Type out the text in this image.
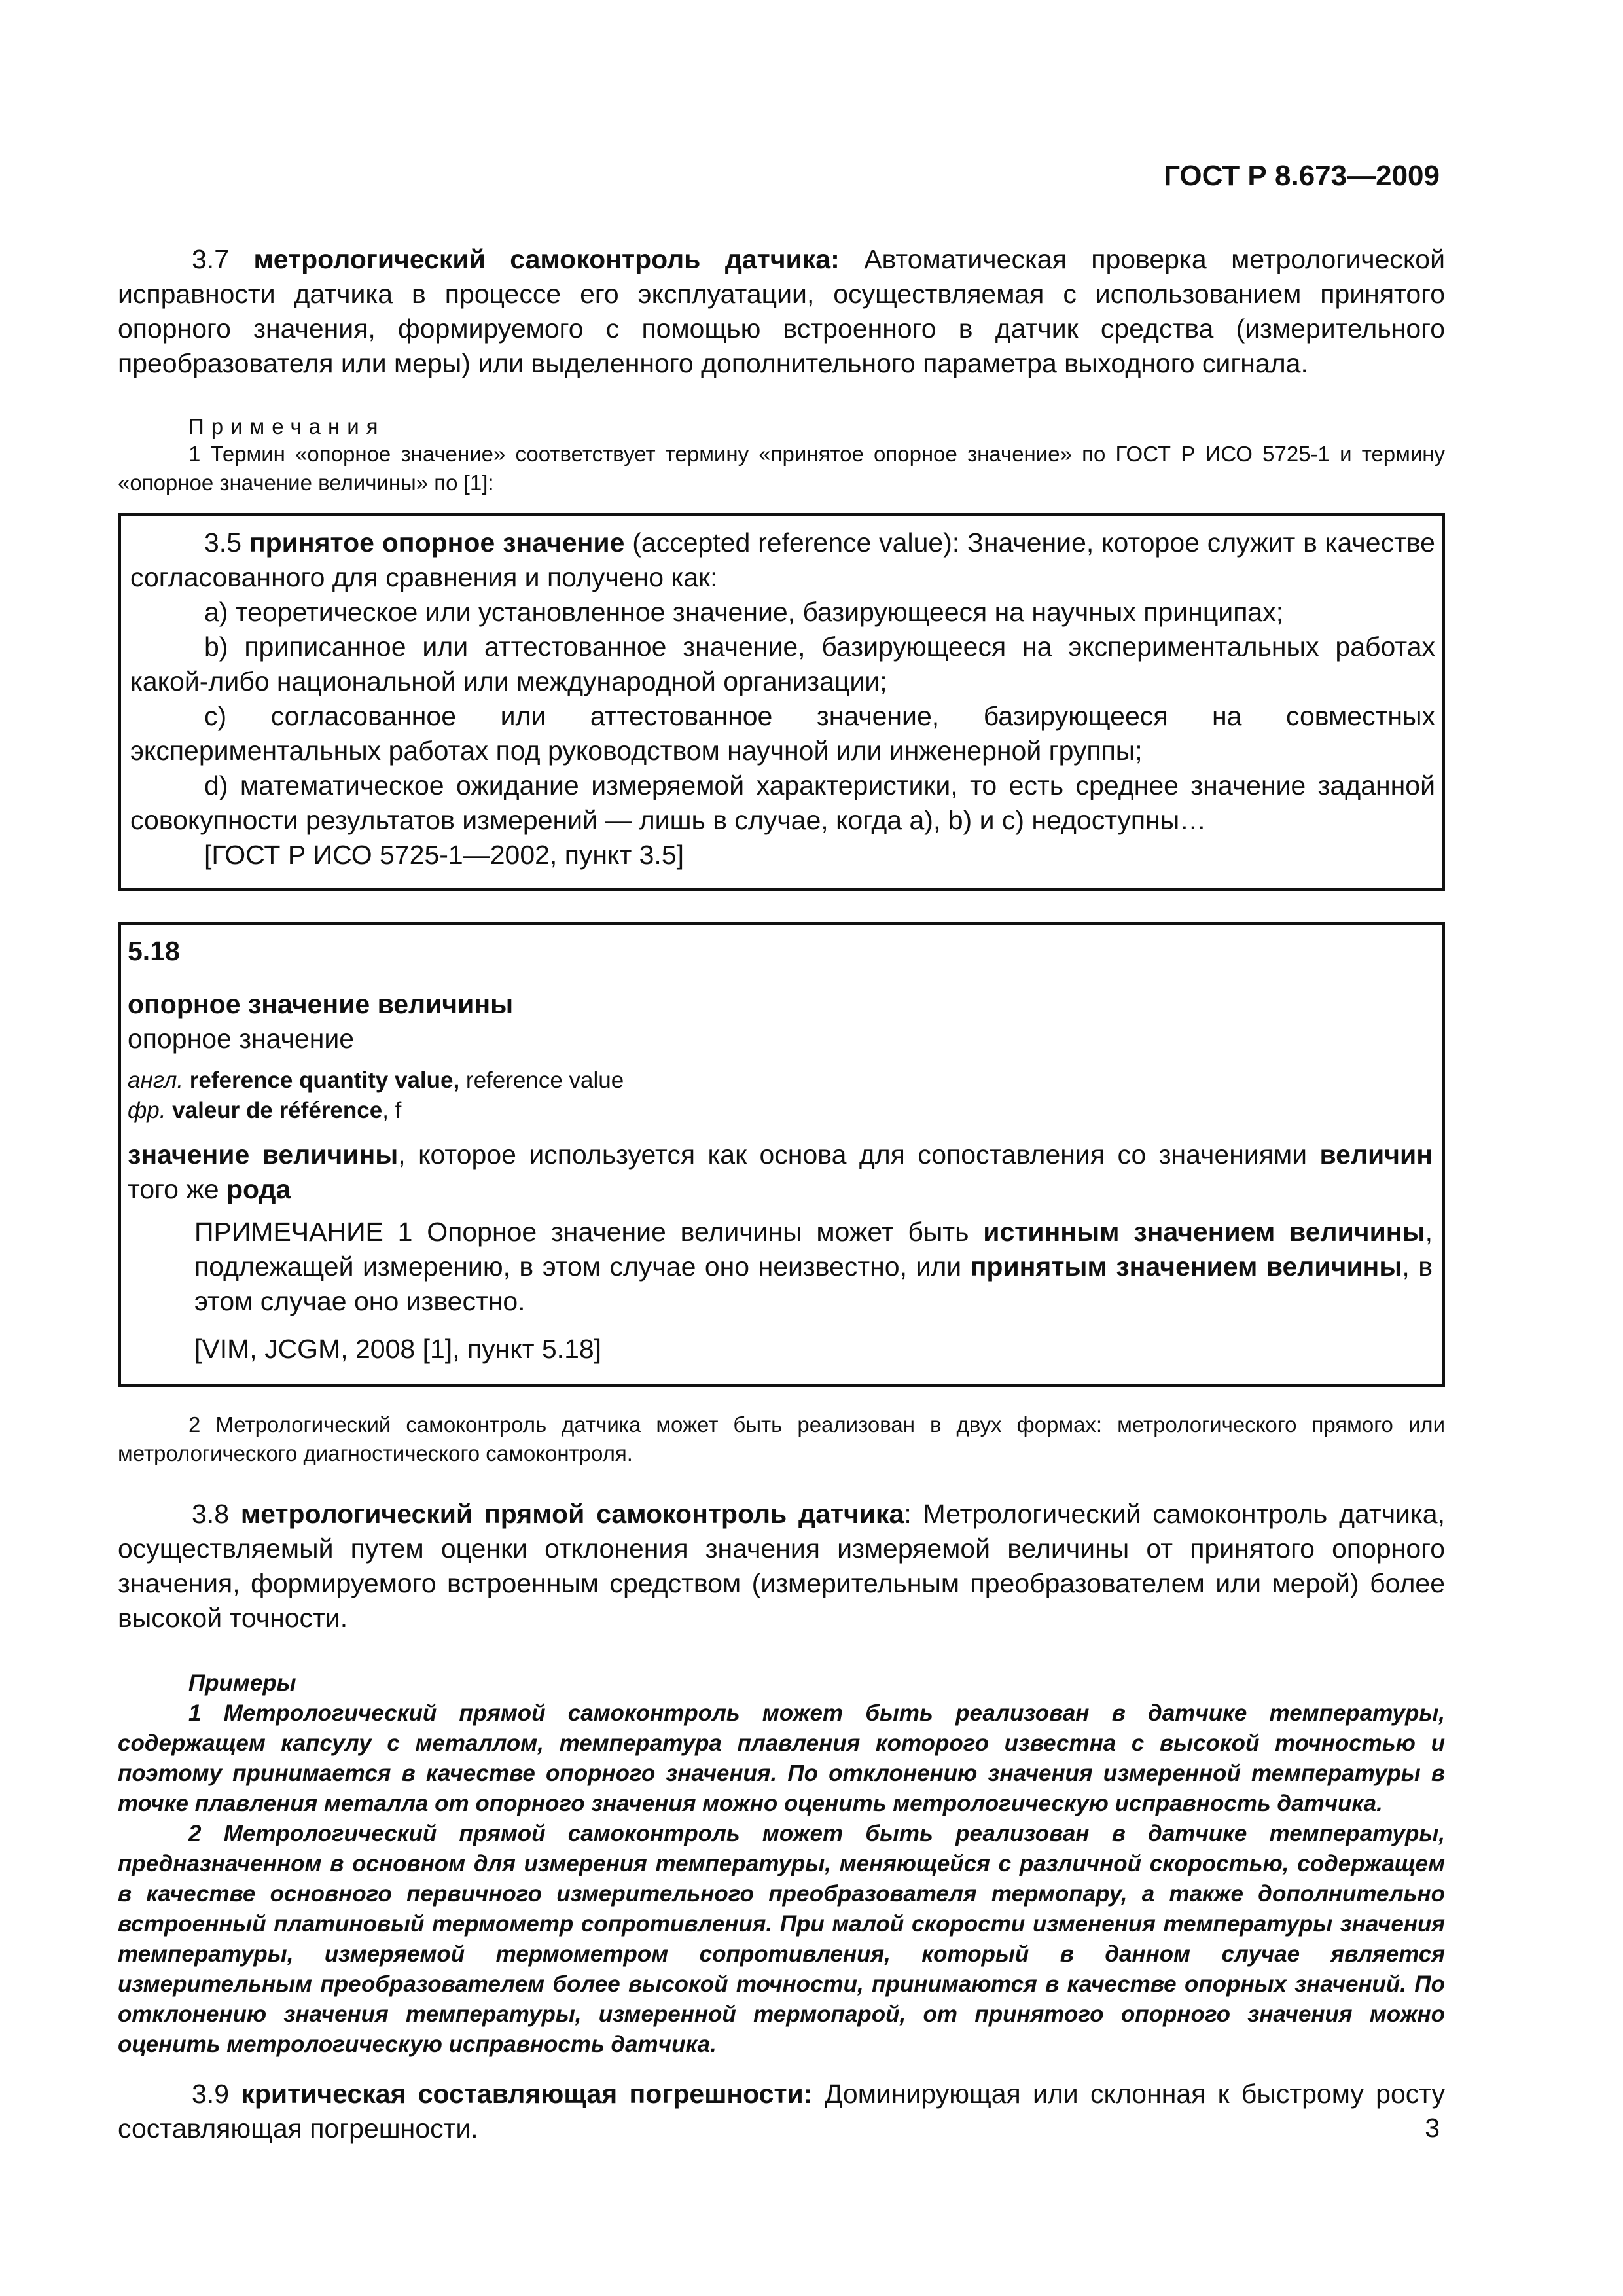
ГОСТ Р 8.673—2009

3.7 метрологический самоконтроль датчика: Автоматическая проверка метрологической исправности датчика в процессе его эксплуатации, осуществляемая с использованием принятого опорного значения, формируемого с помощью встроенного в датчик средства (измерительного преобразователя или меры) или выделенного дополнительного параметра выходного сигнала.

Примечания

1 Термин «опорное значение» соответствует термину «принятое опорное значение» по ГОСТ Р ИСО 5725-1 и термину «опорное значение величины» по [1]:

3.5 принятое опорное значение (accepted reference value): Значение, которое служит в качестве согласованного для сравнения и получено как:

а) теоретическое или установленное значение, базирующееся на научных принципах;

b) приписанное или аттестованное значение, базирующееся на экспериментальных работах какой-либо национальной или международной организации;

с) согласованное или аттестованное значение, базирующееся на совместных экспериментальных работах под руководством научной или инженерной группы;

d) математическое ожидание измеряемой характеристики, то есть среднее значение заданной совокупности результатов измерений — лишь в случае, когда а), b) и с) недоступны…

[ГОСТ Р ИСО 5725-1—2002, пункт 3.5]

5.18
опорное значение величины
опорное значение
англ. reference quantity value, reference value
фр. valeur de référence, f

значение величины, которое используется как основа для сопоставления со значениями величин того же рода

ПРИМЕЧАНИЕ 1 Опорное значение величины может быть истинным значением величины, подлежащей измерению, в этом случае оно неизвестно, или принятым значением величины, в этом случае оно известно.

[VIM, JCGM, 2008 [1], пункт 5.18]

2 Метрологический самоконтроль датчика может быть реализован в двух формах: метрологического прямого или метрологического диагностического самоконтроля.

3.8 метрологический прямой самоконтроль датчика: Метрологический самоконтроль датчика, осуществляемый путем оценки отклонения значения измеряемой величины от принятого опорного значения, формируемого встроенным средством (измерительным преобразователем или мерой) более высокой точности.

Примеры

1 Метрологический прямой самоконтроль может быть реализован в датчике температуры, содержащем капсулу с металлом, температура плавления которого известна с высокой точностью и поэтому принимается в качестве опорного значения. По отклонению значения измеренной температуры в точке плавления металла от опорного значения можно оценить метрологическую исправность датчика.

2 Метрологический прямой самоконтроль может быть реализован в датчике температуры, предназначенном в основном для измерения температуры, меняющейся с различной скоростью, содержащем в качестве основного первичного измерительного преобразователя термопару, а также дополнительно встроенный платиновый термометр сопротивления. При малой скорости изменения температуры значения температуры, измеряемой термометром сопротивления, который в данном случае является измерительным преобразователем более высокой точности, принимаются в качестве опорных значений. По отклонению значения температуры, измеренной термопарой, от принятого опорного значения можно оценить метрологическую исправность датчика.

3.9 критическая составляющая погрешности: Доминирующая или склонная к быстрому росту составляющая погрешности.	3
